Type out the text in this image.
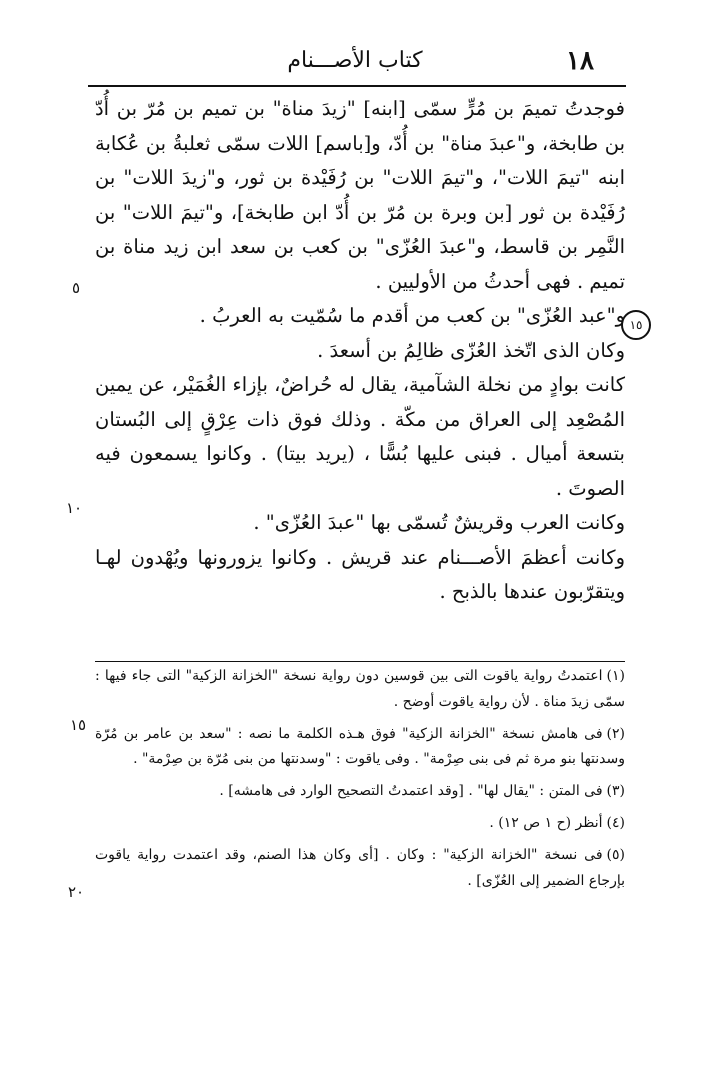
١٨
كتاب الأصـــنام

فوجدتُ تميمَ بن مُرٍّ سمّى [ابنه] "زيدَ مناة" بن تميم بن مُرّ بن أُدّ بن طابخة، و"عبدَ مناة" بن أُدّ، و[باسم] اللات سمّى ثعلبةُ بن عُكابة ابنه "تيمَ اللات"، و"تيمَ اللات" بن رُفَيْدة بن ثور، و"زيدَ اللات" بن رُفَيْدة بن ثور [بن وبرة بن مُرّ بن أُدّ ابن طابخة]، و"تيمَ اللات" بن النَّمِر بن قاسط، و"عبدَ العُزّى" بن كعب بن سعد ابن زيد مناة بن تميم . فهى أحدثُ من الأوليين .

و"عبد العُزّى" بن كعب من أقدم ما سُمّيت به العربُ .

وكان الذى اتّخذ العُزّى ظالِمُ بن أسعدَ .

كانت بوادٍ من نخلة الشآمية، يقال له حُراضٌ، بإزاء الغُمَيْر، عن يمين المُصْعِد إلى العراق من مكّة . وذلك فوق ذات عِرْقٍ إلى البُستان بتسعة أميال . فبنى عليها بُسًّا ، (يريد بيتا) . وكانوا يسمعون فيه الصوتَ .

وكانت العرب وقريشٌ تُسمّى بها "عبدَ العُزّى" .

وكانت أعظمَ الأصـــنام عند قريش . وكانوا يزورونها ويُهْدون لهـا ويتقرّبون عندها بالذبح .

٥
١٠
١٥

(١)اعتمدتُ رواية ياقوت التى بين قوسين دون رواية نسخة "الخزانة الزكية" التى جاء فيها : سمّى زيدَ مناة . لأن رواية ياقوت أوضح .

(٢)فى هامش نسخة "الخزانة الزكية" فوق هـذه الكلمة ما نصه : "سعد بن عامر بن مُرّة وسدنتها بنو مرة ثم فى بنى صِرْمة" . وفى ياقوت : "وسدنتها من بنى مُرّة بن صِرْمة" .

(٣)فى المتن : "يقال لها" . [وقد اعتمدتُ التصحيح الوارد فى هامشه] .

(٤)أنظر (ح ١ ص ١٢) .

(٥)فى نسخة "الخزانة الزكية" : وكان . [أى وكان هذا الصنم، وقد اعتمدت رواية ياقوت بإرجاع الضمير إلى العُزّى] .

١٥
٢٠
